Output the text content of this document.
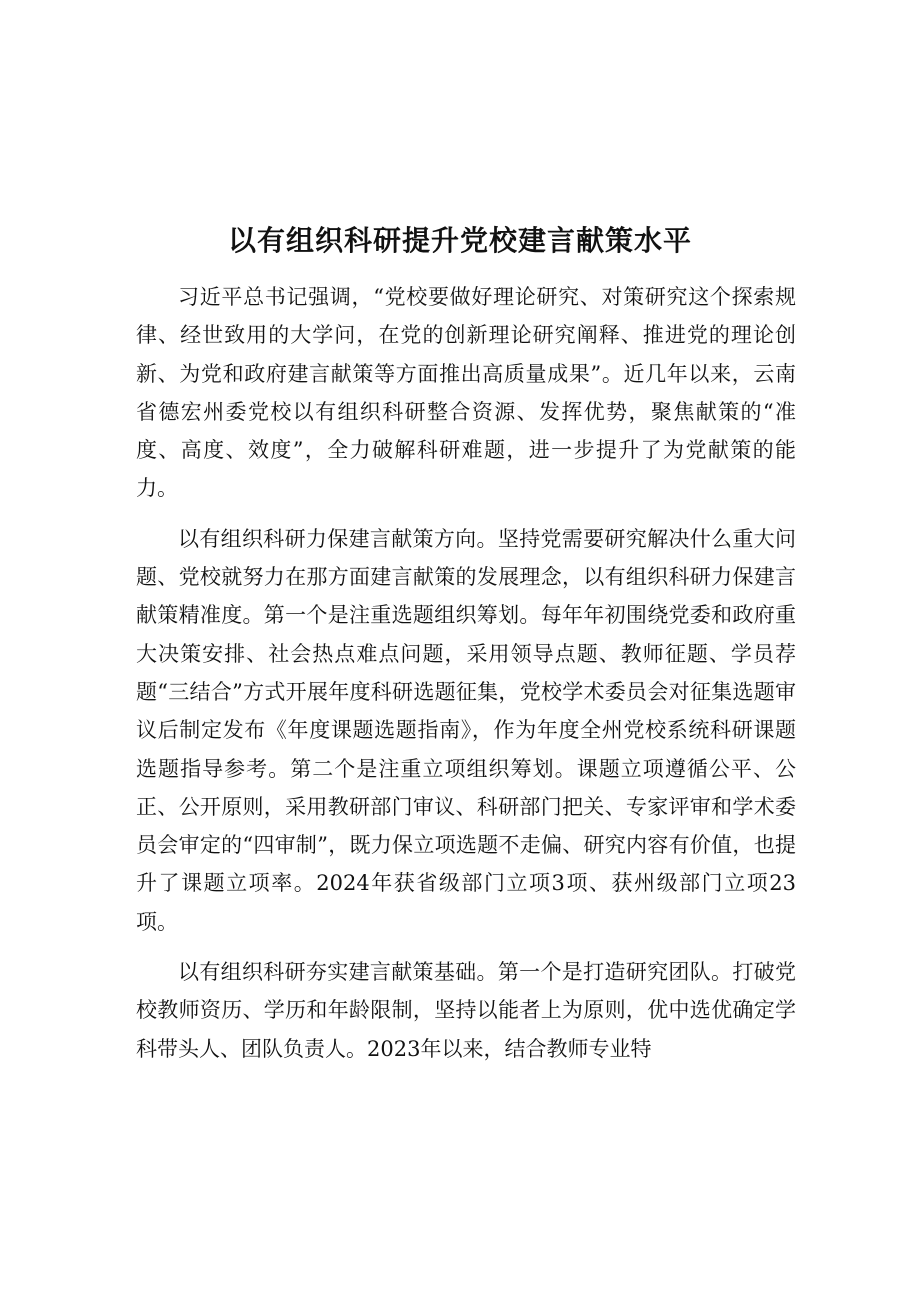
以有组织科研提升党校建言献策水平

习近平总书记强调，“党校要做好理论研究、对策研究这个探索规律、经世致用的大学问，在党的创新理论研究阐释、推进党的理论创新、为党和政府建言献策等方面推出高质量成果”。近几年以来，云南省德宏州委党校以有组织科研整合资源、发挥优势，聚焦献策的“准度、高度、效度”，全力破解科研难题，进一步提升了为党献策的能力。

以有组织科研力保建言献策方向。坚持党需要研究解决什么重大问题、党校就努力在那方面建言献策的发展理念，以有组织科研力保建言献策精准度。第一个是注重选题组织筹划。每年年初围绕党委和政府重大决策安排、社会热点难点问题，采用领导点题、教师征题、学员荐题“三结合”方式开展年度科研选题征集，党校学术委员会对征集选题审议后制定发布《年度课题选题指南》，作为年度全州党校系统科研课题选题指导参考。第二个是注重立项组织筹划。课题立项遵循公平、公正、公开原则，采用教研部门审议、科研部门把关、专家评审和学术委员会审定的“四审制”，既力保立项选题不走偏、研究内容有价值，也提升了课题立项率。2024年获省级部门立项3项、获州级部门立项23项。

以有组织科研夯实建言献策基础。第一个是打造研究团队。打破党校教师资历、学历和年龄限制，坚持以能者上为原则，优中选优确定学科带头人、团队负责人。2023年以来，结合教师专业特
